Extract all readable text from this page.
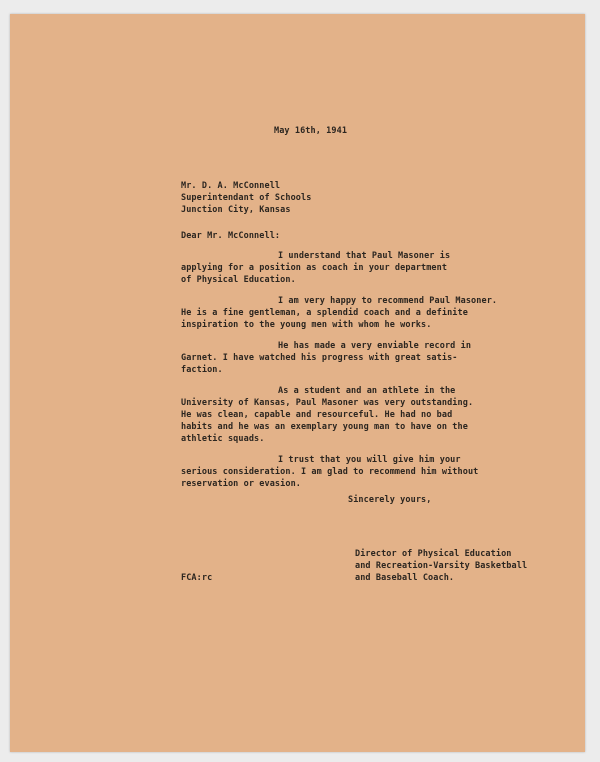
May 16th, 1941
Mr. D. A. McConnell
Superintendant of Schools
Junction City, Kansas
Dear Mr. McConnell:
I understand that Paul Masoner is
applying for a position as coach in your department
of Physical Education.
I am very happy to recommend Paul Masoner.
He is a fine gentleman, a splendid coach and a definite
inspiration to the young men with whom he works.
He has made a very enviable record in
Garnet. I have watched his progress with great satis-
faction.
As a student and an athlete in the
University of Kansas, Paul Masoner was very outstanding.
He was clean, capable and resourceful. He had no bad
habits and he was an exemplary young man to have on the
athletic squads.
I trust that you will give him your
serious consideration. I am glad to recommend him without
reservation or evasion.
Sincerely yours,
Director of Physical Education
and Recreation-Varsity Basketball
and Baseball Coach.
FCA:rc
